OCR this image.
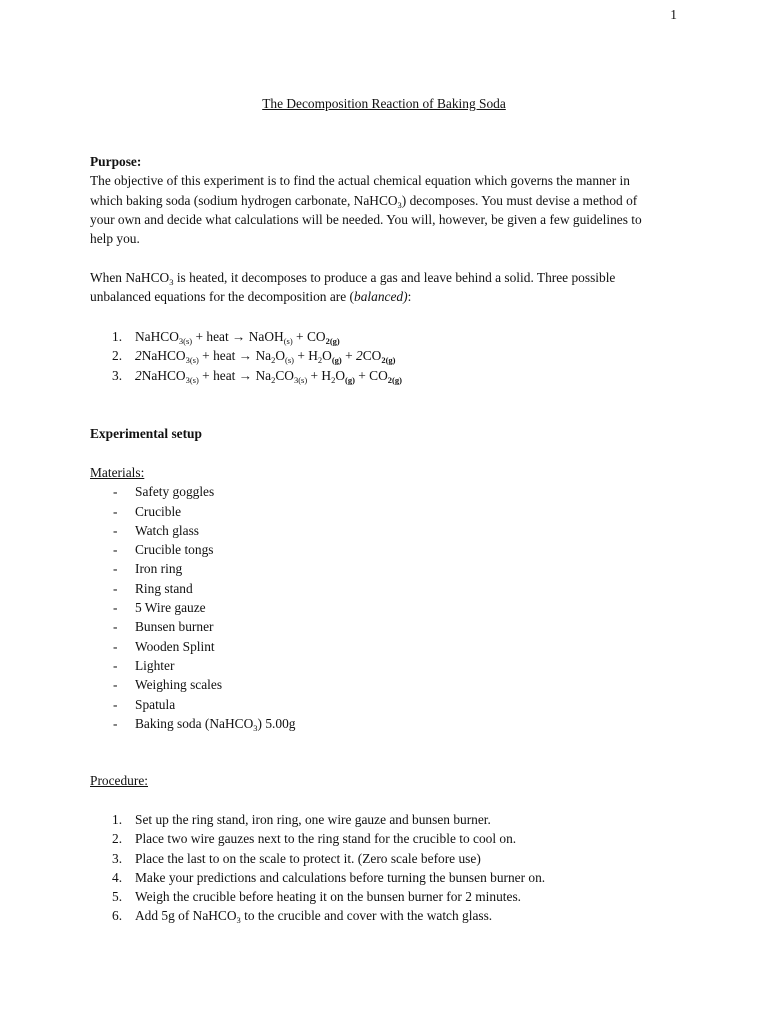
1
The Decomposition Reaction of Baking Soda

Purpose:

The objective of this experiment is to find the actual chemical equation which governs the manner in

which baking soda (sodium hydrogen carbonate, NaHCO$_3$) decomposes. You must devise a method of

your own and decide what calculations will be needed. You will, however, be given a few guidelines to

help you.

When NaHCO$_3$ is heated, it decomposes to produce a gas and leave behind a solid. Three possible

unbalanced equations for the decomposition are (balanced):

1. NaHCO$_{3(s)}$ + heat → NaOH$_{(s)}$ + $CO_{2(g)}$
2. 2NaHCO$_{3(s)}$ + heat → $Na_2O_{(s)} + H_2O_{(g)} + 2CO_{2(g)}$
3. 2NaHCO$_{3(s)}$ + heat → $Na_2CO_{3(s)} + H_2O_{(g)} + CO_{2(g)}$

Experimental setup

Materials:

- Safety goggles
- Crucible
- Watch glass
- Crucible tongs
- Iron ring
- Ring stand
- 5 Wire gauze
- Bunsen burner
- Wooden Splint
- Lighter
- Weighing scales
- Spatula
- Baking soda (NaHCO$_3$) 5.00g

Procedure:

1. Set up the ring stand, iron ring, one wire gauze and bunsen burner.
2. Place two wire gauzes next to the ring stand for the crucible to cool on.
3. Place the last to on the scale to protect it. (Zero scale before use)
4. Make your predictions and calculations before turning the bunsen burner on.
5. Weigh the crucible before heating it on the bunsen burner for 2 minutes.
6. Add 5g of NaHCO$_3$ to the crucible and cover with the watch glass.
